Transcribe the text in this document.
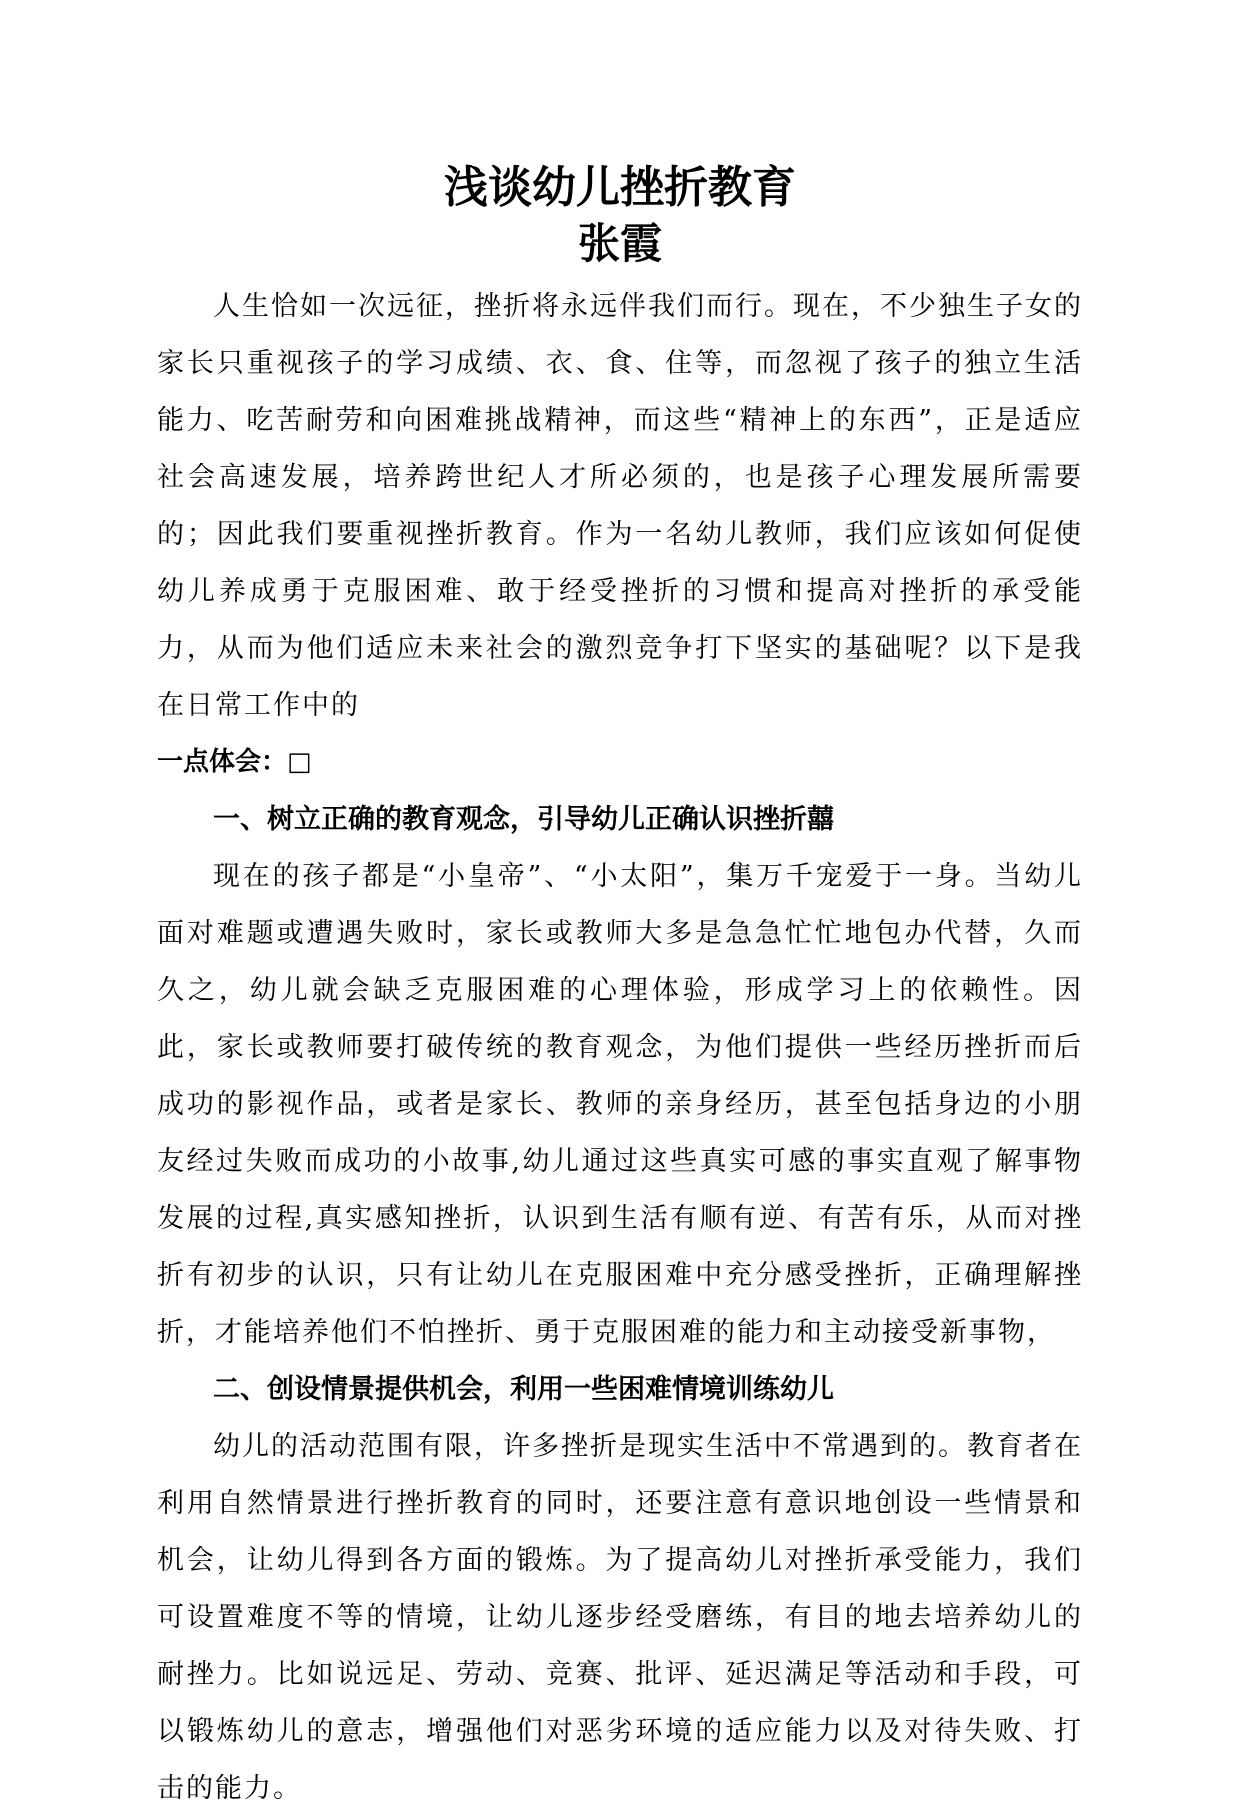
浅谈幼儿挫折教育
张霞

人生恰如一次远征，挫折将永远伴我们而行。现在，不少独生子女的家长只重视孩子的学习成绩、衣、食、住等，而忽视了孩子的独立生活能力、吃苦耐劳和向困难挑战精神，而这些“精神上的东西”，正是适应社会高速发展，培养跨世纪人才所必须的，也是孩子心理发展所需要的；因此我们要重视挫折教育。作为一名幼儿教师，我们应该如何促使幼儿养成勇于克服困难、敢于经受挫折的习惯和提高对挫折的承受能力，从而为他们适应未来社会的激烈竞争打下坚实的基础呢？以下是我在日常工作中的

一点体会：□

一、树立正确的教育观念，引导幼儿正确认识挫折囍

现在的孩子都是“小皇帝”、“小太阳”，集万千宠爱于一身。当幼儿面对难题或遭遇失败时，家长或教师大多是急急忙忙地包办代替，久而久之，幼儿就会缺乏克服困难的心理体验，形成学习上的依赖性。因此，家长或教师要打破传统的教育观念，为他们提供一些经历挫折而后成功的影视作品，或者是家长、教师的亲身经历，甚至包括身边的小朋友经过失败而成功的小故事,幼儿通过这些真实可感的事实直观了解事物发展的过程,真实感知挫折，认识到生活有顺有逆、有苦有乐，从而对挫折有初步的认识，只有让幼儿在克服困难中充分感受挫折，正确理解挫折，才能培养他们不怕挫折、勇于克服困难的能力和主动接受新事物，

二、创设情景提供机会，利用一些困难情境训练幼儿

幼儿的活动范围有限，许多挫折是现实生活中不常遇到的。教育者在利用自然情景进行挫折教育的同时，还要注意有意识地创设一些情景和机会，让幼儿得到各方面的锻炼。为了提高幼儿对挫折承受能力，我们可设置难度不等的情境，让幼儿逐步经受磨练，有目的地去培养幼儿的耐挫力。比如说远足、劳动、竞赛、批评、延迟满足等活动和手段，可以锻炼幼儿的意志，增强他们对恶劣环境的适应能力以及对待失败、打击的能力。
